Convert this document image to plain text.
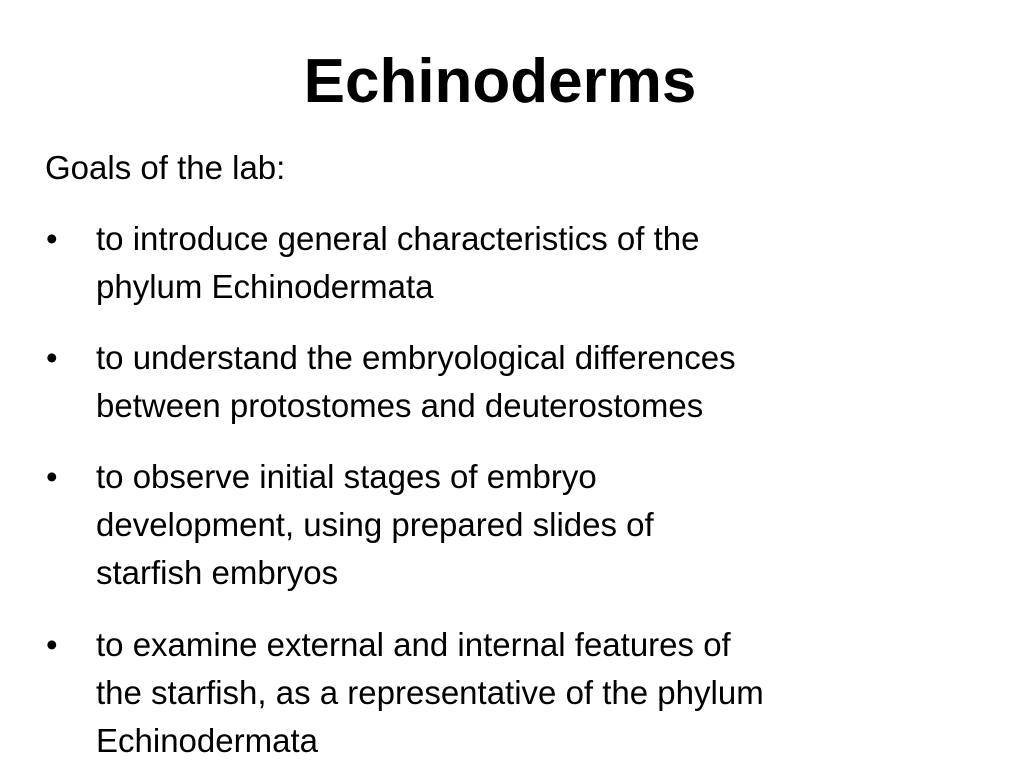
Echinoderms

Goals of the lab:

• to introduce general characteristics of the
phylum Echinodermata
• to understand the embryological differences
between protostomes and deuterostomes
• to observe initial stages of embryo
development, using prepared slides of
starfish embryos
• to examine external and internal features of
the starfish, as a representative of the phylum
Echinodermata
